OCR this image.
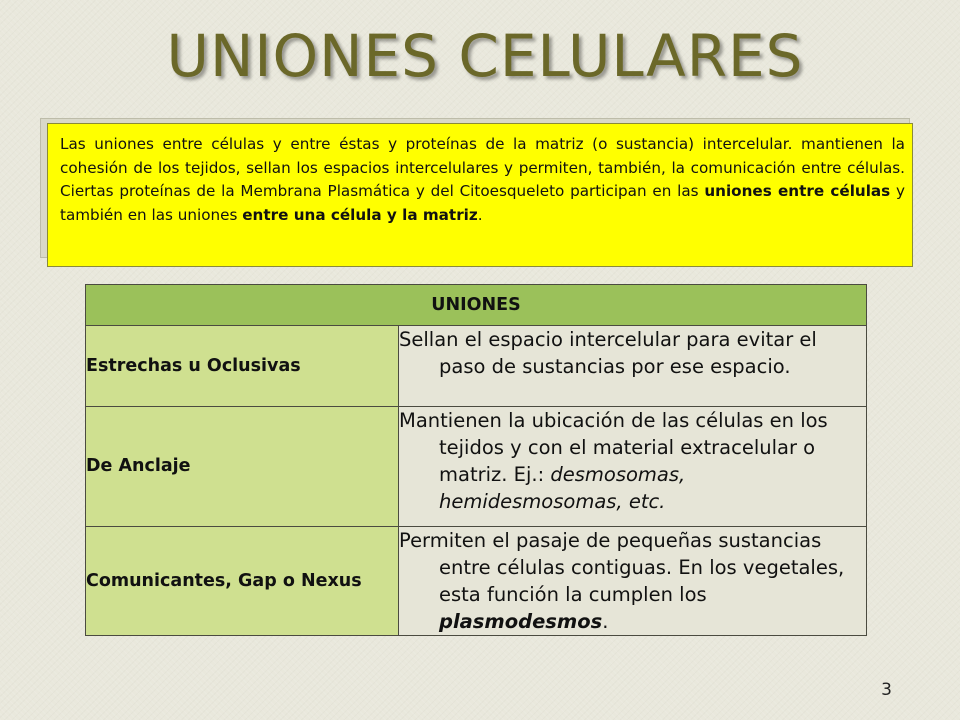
UNIONES CELULARES
Las uniones entre células y entre éstas y proteínas de la matriz (o sustancia) intercelular. mantienen la cohesión de los tejidos, sellan los espacios intercelulares y permiten, también, la comunicación entre células. Ciertas proteínas de la Membrana Plasmática y del Citoesqueleto participan en las uniones entre células y también en las uniones entre una célula y la matriz.
UNIONES	

Estrechas u Oclusivas	Sellan el espacio intercelular para evitar el paso de sustancias por ese espacio.

De Anclaje	Mantienen la ubicación de las células en los tejidos y con el material extracelular o matriz. Ej.: desmosomas, hemidesmosomas, etc.

Comunicantes, Gap o Nexus	Permiten el pasaje de pequeñas sustancias entre células contiguas. En los vegetales, esta función la cumplen los plasmodesmos.
3
